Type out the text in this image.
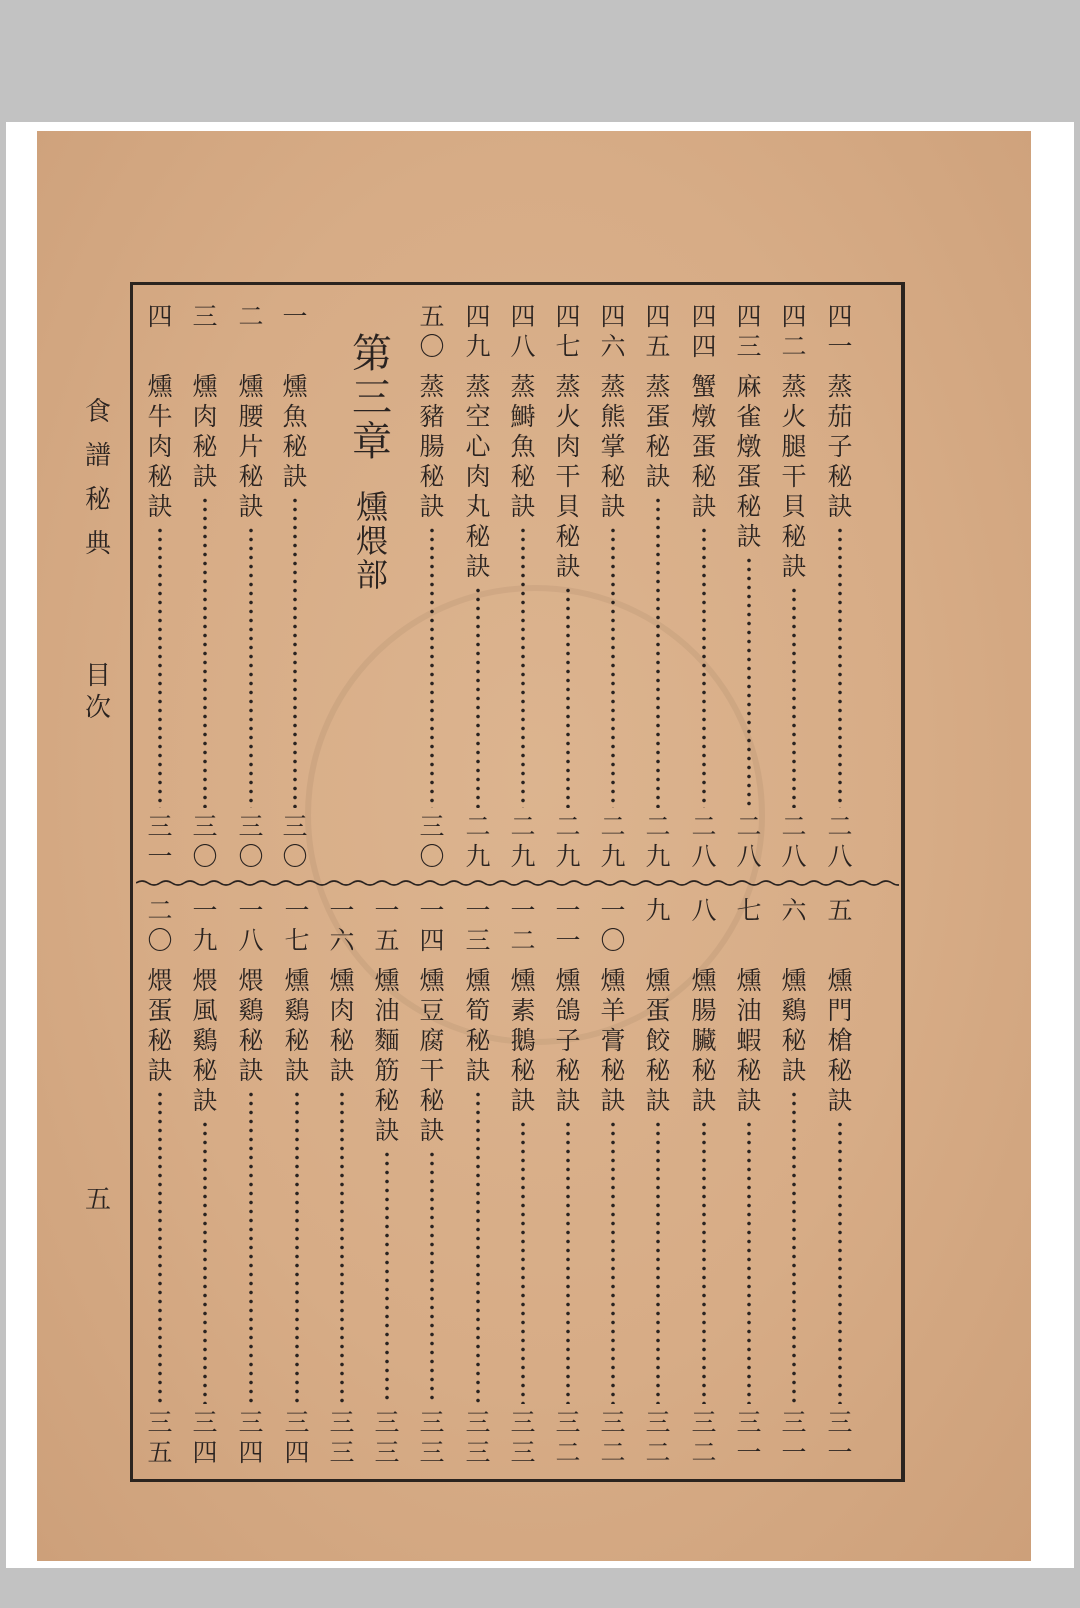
食
譜
秘
典
目
次
五
第
三
章
燻
煨
部
四
一
蒸
茄
子
秘
訣
二
八
四
二
蒸
火
腿
干
貝
秘
訣
二
八
四
三
麻
雀
燉
蛋
秘
訣
二
八
四
四
蟹
燉
蛋
秘
訣
二
八
四
五
蒸
蛋
秘
訣
二
九
四
六
蒸
熊
掌
秘
訣
二
九
四
七
蒸
火
肉
干
貝
秘
訣
二
九
四
八
蒸
鰣
魚
秘
訣
二
九
四
九
蒸
空
心
肉
丸
秘
訣
二
九
五
〇
蒸
豬
腸
秘
訣
三
〇
一
燻
魚
秘
訣
三
〇
二
燻
腰
片
秘
訣
三
〇
三
燻
肉
秘
訣
三
〇
四
燻
牛
肉
秘
訣
三
一
五
燻
門
槍
秘
訣
三
一
六
燻
鷄
秘
訣
三
一
七
燻
油
蝦
秘
訣
三
一
八
燻
腸
臟
秘
訣
三
二
九
燻
蛋
餃
秘
訣
三
二
一
〇
燻
羊
膏
秘
訣
三
二
一
一
燻
鴿
子
秘
訣
三
二
一
二
燻
素
鵝
秘
訣
三
三
一
三
燻
筍
秘
訣
三
三
一
四
燻
豆
腐
干
秘
訣
三
三
一
五
燻
油
麵
筋
秘
訣
三
三
一
六
燻
肉
秘
訣
三
三
一
七
燻
鷄
秘
訣
三
四
一
八
煨
鷄
秘
訣
三
四
一
九
煨
風
鷄
秘
訣
三
四
二
〇
煨
蛋
秘
訣
三
五
